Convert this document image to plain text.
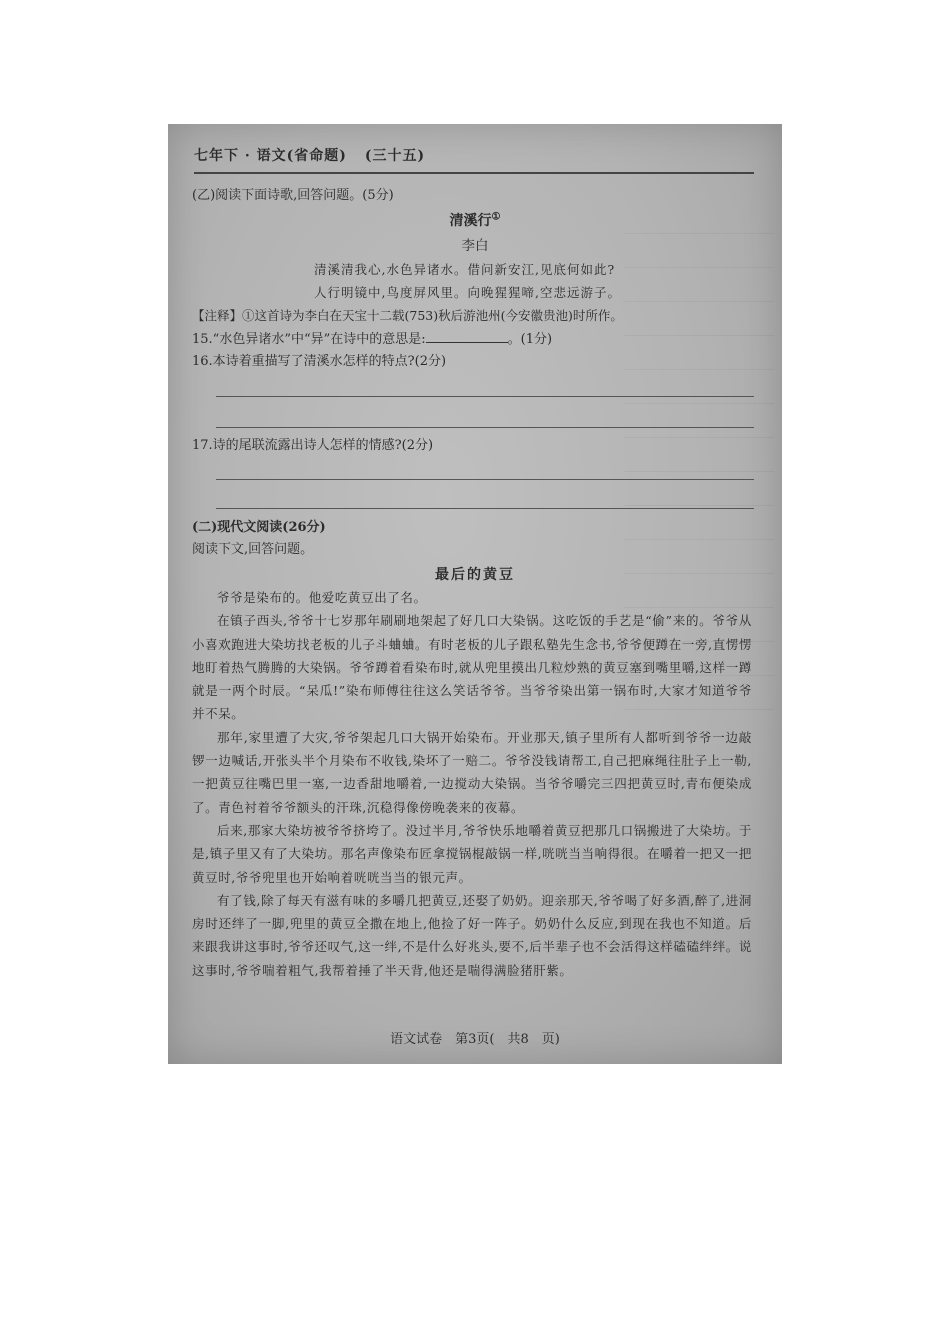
七年下 · 语文(省命题) (三十五)
(乙)阅读下面诗歌,回答问题。(5分)
清溪行①
李白
清溪清我心,水色异诸水。借问新安江,见底何如此?
人行明镜中,鸟度屏风里。向晚猩猩啼,空悲远游子。
【注释】①这首诗为李白在天宝十二载(753)秋后游池州(今安徽贵池)时所作。
15.“水色异诸水”中“异”在诗中的意思是:	。(1分)
16.本诗着重描写了清溪水怎样的特点?(2分)
17.诗的尾联流露出诗人怎样的情感?(2分)
(二)现代文阅读(26分)
阅读下文,回答问题。
最后的黄豆

爷爷是染布的。他爱吃黄豆出了名。

在镇子西头,爷爷十七岁那年刷刷地架起了好几口大染锅。这吃饭的手艺是“偷”来的。爷爷从小喜欢跑进大染坊找老板的儿子斗蛐蛐。有时老板的儿子跟私塾先生念书,爷爷便蹲在一旁,直愣愣地盯着热气腾腾的大染锅。爷爷蹲着看染布时,就从兜里摸出几粒炒熟的黄豆塞到嘴里嚼,这样一蹲就是一两个时辰。“呆瓜!”染布师傅往往这么笑话爷爷。当爷爷染出第一锅布时,大家才知道爷爷并不呆。

那年,家里遭了大灾,爷爷架起几口大锅开始染布。开业那天,镇子里所有人都听到爷爷一边敲锣一边喊话,开张头半个月染布不收钱,染坏了一赔二。爷爷没钱请帮工,自己把麻绳往肚子上一勒,一把黄豆往嘴巴里一塞,一边香甜地嚼着,一边搅动大染锅。当爷爷嚼完三四把黄豆时,青布便染成了。青色衬着爷爷额头的汗珠,沉稳得像傍晚袭来的夜幕。

后来,那家大染坊被爷爷挤垮了。没过半月,爷爷快乐地嚼着黄豆把那几口锅搬进了大染坊。于是,镇子里又有了大染坊。那名声像染布匠拿搅锅棍敲锅一样,咣咣当当响得很。在嚼着一把又一把黄豆时,爷爷兜里也开始响着咣咣当当的银元声。

有了钱,除了每天有滋有味的多嚼几把黄豆,还娶了奶奶。迎亲那天,爷爷喝了好多酒,醉了,进洞房时还绊了一脚,兜里的黄豆全撒在地上,他捡了好一阵子。奶奶什么反应,到现在我也不知道。后来跟我讲这事时,爷爷还叹气,这一绊,不是什么好兆头,要不,后半辈子也不会活得这样磕磕绊绊。说这事时,爷爷喘着粗气,我帮着捶了半天背,他还是喘得满脸猪肝紫。

语文试卷　第3页(　共8　页)
